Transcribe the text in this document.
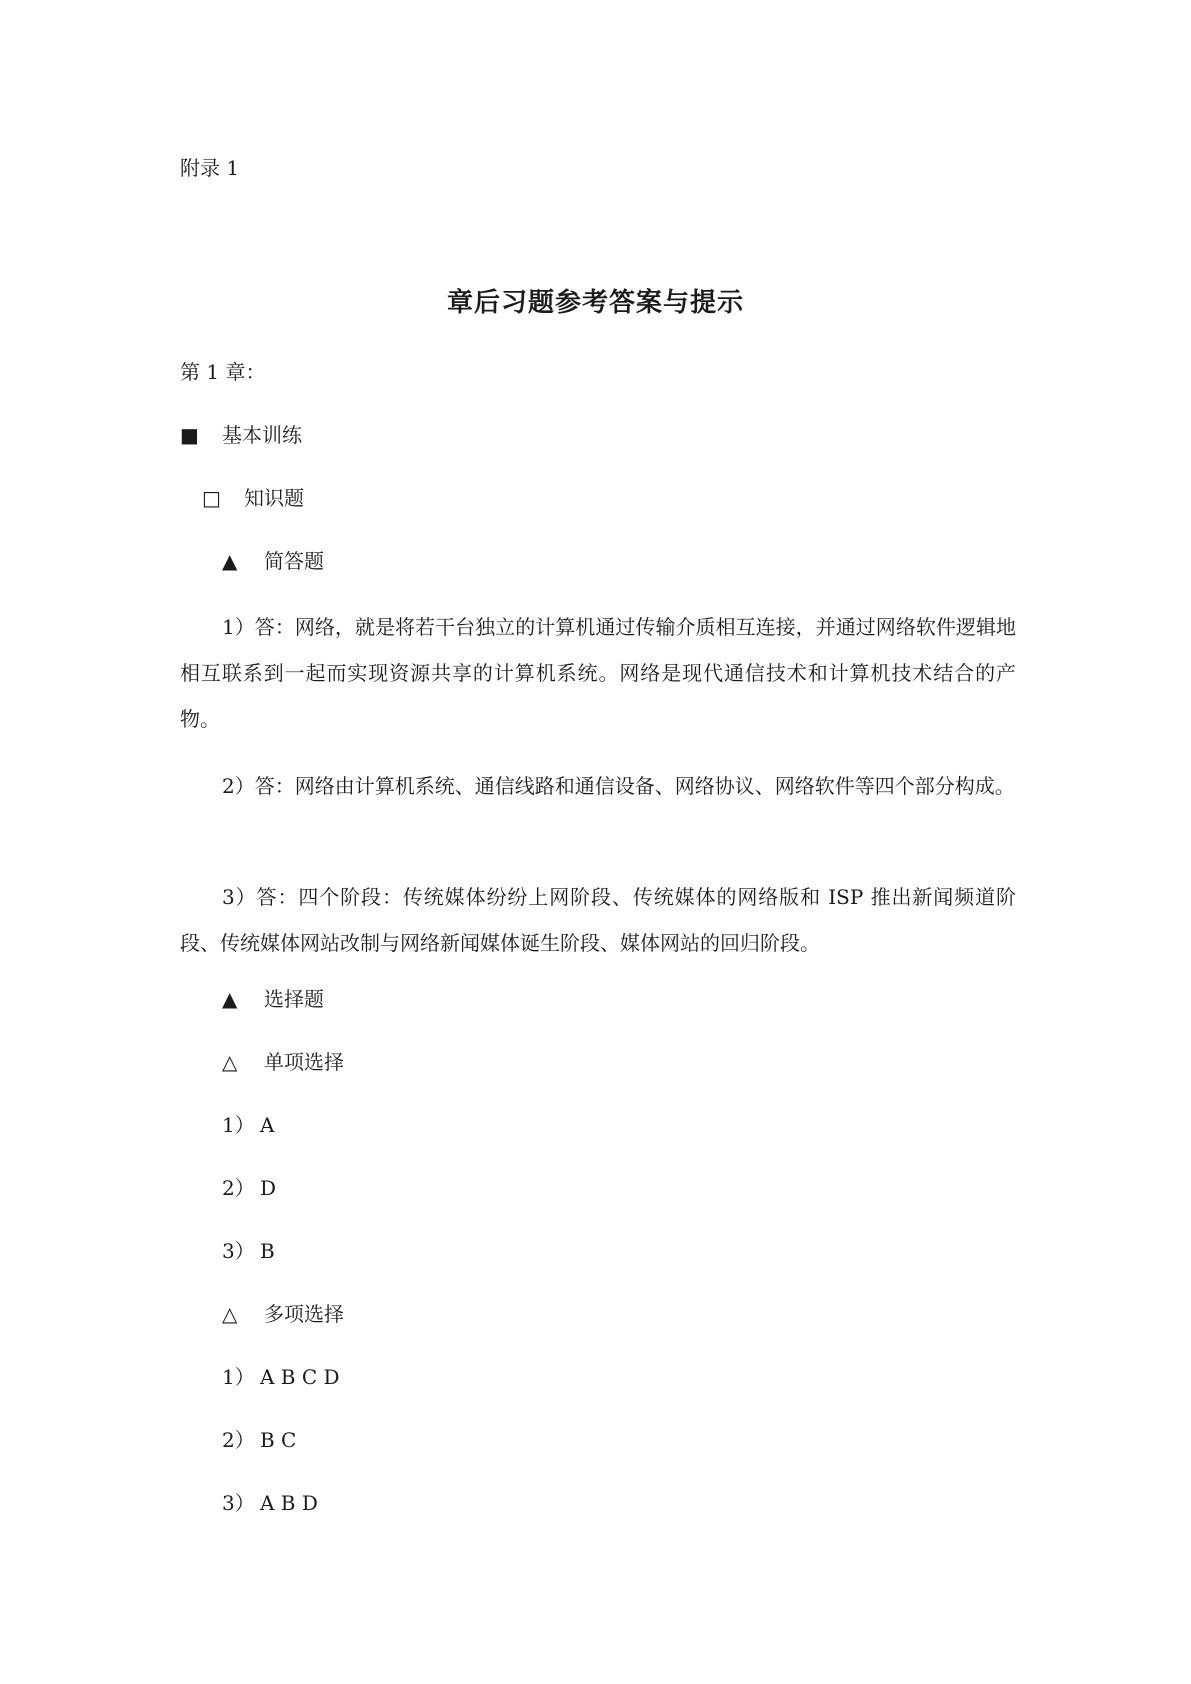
附录 1
章后习题参考答案与提示
第 1 章：
■ 基本训练
□ 知识题
▲ 简答题
1）答：网络，就是将若干台独立的计算机通过传输介质相互连接，并通过网络软件逻辑地相互联系到一起而实现资源共享的计算机系统。网络是现代通信技术和计算机技术结合的产物。
2）答：网络由计算机系统、通信线路和通信设备、网络协议、网络软件等四个部分构成。
3）答：四个阶段：传统媒体纷纷上网阶段、传统媒体的网络版和 ISP 推出新闻频道阶段、传统媒体网站改制与网络新闻媒体诞生阶段、媒体网站的回归阶段。
▲ 选择题
△ 单项选择
1） A
2） D
3） B
△ 多项选择
1） A B C D
2） B C
3） A B D
